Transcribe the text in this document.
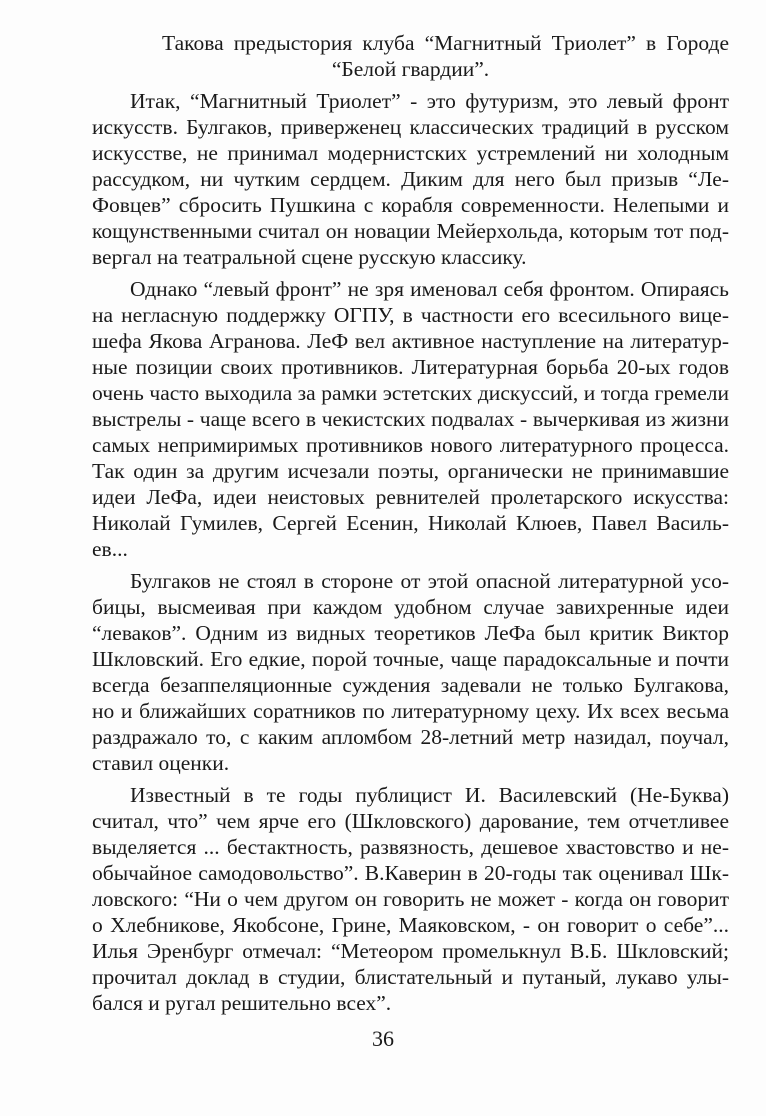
Такова предыстория клуба “Магнитный Триолет” в Городе
“Белой гвардии”.
Итак, “Магнитный Триолет” - это футуризм, это левый фронт
искусств. Булгаков, приверженец классических традиций в русском
искусстве, не принимал модернистских устремлений ни холодным
рассудком, ни чутким сердцем. Диким для него был призыв “Ле-
Фовцев” сбросить Пушкина с корабля современности. Нелепыми и
кощунственными считал он новации Мейерхольда, которым тот под-
вергал на театральной сцене русскую классику.
Однако “левый фронт” не зря именовал себя фронтом. Опираясь
на негласную поддержку ОГПУ, в частности его всесильного вице-
шефа Якова Агранова. ЛеФ вел активное наступление на литератур-
ные позиции своих противников. Литературная борьба 20-ых годов
очень часто выходила за рамки эстетских дискуссий, и тогда гремели
выстрелы - чаще всего в чекистских подвалах - вычеркивая из жизни
самых непримиримых противников нового литературного процесса.
Так один за другим исчезали поэты, органически не принимавшие
идеи ЛеФа, идеи неистовых ревнителей пролетарского искусства:
Николай Гумилев, Сергей Есенин, Николай Клюев, Павел Василь-
ев...
Булгаков не стоял в стороне от этой опасной литературной усо-
бицы, высмеивая при каждом удобном случае завихренные идеи
“леваков”. Одним из видных теоретиков ЛеФа был критик Виктор
Шкловский. Его едкие, порой точные, чаще парадоксальные и почти
всегда безаппеляционные суждения задевали не только Булгакова,
но и ближайших соратников по литературному цеху. Их всех весьма
раздражало то, с каким апломбом 28-летний метр назидал, поучал,
ставил оценки.
Известный в те годы публицист И. Василевский (Не-Буква)
считал, что” чем ярче его (Шкловского) дарование, тем отчетливее
выделяется ... бестактность, развязность, дешевое хвастовство и не-
обычайное самодовольство”. В.Каверин в 20-годы так оценивал Шк-
ловского: “Ни о чем другом он говорить не может - когда он говорит
о Хлебникове, Якобсоне, Грине, Маяковском, - он говорит о себе”...
Илья Эренбург отмечал: “Метеором промелькнул В.Б. Шкловский;
прочитал доклад в студии, блистательный и путаный, лукаво улы-
бался и ругал решительно всех”.
36
